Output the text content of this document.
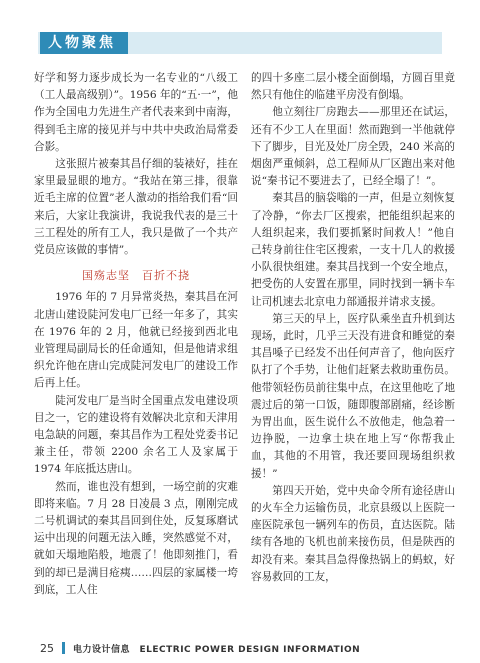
人物聚焦

好学和努力逐步成长为一名专业的“八级工（工人最高级别）”。1956 年的“五·一”，他作为全国电力先进生产者代表来到中南海，得到毛主席的接见并与中共中央政治局常委合影。

这张照片被秦其昌仔细的装裱好，挂在家里最显眼的地方。“我站在第三排，很靠近毛主席的位置”老人激动的指给我们看“回来后，大家让我演讲，我说我代表的是三十三工程处的所有工人，我只是做了一个共产党员应该做的事情”。

国殇志坚　百折不挠

1976 年的 7 月异常炎热，秦其昌在河北唐山建设陡河发电厂已经一年多了，其实在 1976 年的 2 月，他就已经接到西北电业管理局副局长的任命通知，但是他请求组织允许他在唐山完成陡河发电厂的建设工作后再上任。

陡河发电厂是当时全国重点发电建设项目之一，它的建设将有效解决北京和天津用电急缺的问题，秦其昌作为工程处党委书记兼主任，带领 2200 余名工人及家属于 1974 年底抵达唐山。

然而，谁也没有想到，一场空前的灾难即将来临。7 月 28 日凌晨 3 点，刚刚完成二号机调试的秦其昌回到住处，反复琢磨试运中出现的问题无法入睡，突然感觉不对，就如天塌地陷般，地震了！他即刻推门，看到的却已是满目疮痍……四层的家属楼一垮到底，工人住

的四十多座二层小楼全面倒塌，方圆百里竟然只有他住的临建平房没有倒塌。

他立刻往厂房跑去——那里还在试运，还有不少工人在里面！然而跑到一半他就停下了脚步，目光及处厂房全毁，240 米高的烟囱严重倾斜，总工程师从厂区跑出来对他说“秦书记不要进去了，已经全塌了！”。

秦其昌的脑袋嗡的一声，但是立刻恢复了冷静，“你去厂区搜索，把能组织起来的人组织起来，我们要抓紧时间救人！”他自己转身前往住宅区搜索，一支十几人的救援小队很快组建。秦其昌找到一个安全地点，把受伤的人安置在那里，同时找到一辆卡车让司机速去北京电力部通报并请求支援。

第三天的早上，医疗队乘坐直升机到达现场，此时，几乎三天没有进食和睡觉的秦其昌嗓子已经发不出任何声音了，他向医疗队打了个手势，让他们赶紧去救助重伤员。他带领轻伤员前往集中点，在这里他吃了地震过后的第一口饭，随即腹部剧痛，经诊断为胃出血，医生说什么不放他走，他急着一边挣脱，一边拿土块在地上写“你帮我止血，其他的不用管，我还要回现场组织救援！”

第四天开始，党中央命令所有途径唐山的火车全力运输伤员，北京县级以上医院一座医院承包一辆列车的伤员，直达医院。陆续有各地的飞机也前来接伤员，但是陕西的却没有来。秦其昌急得像热锅上的蚂蚁，好容易救回的工友，

25 电力设计信息　ELECTRIC POWER DESIGN INFORMATION
